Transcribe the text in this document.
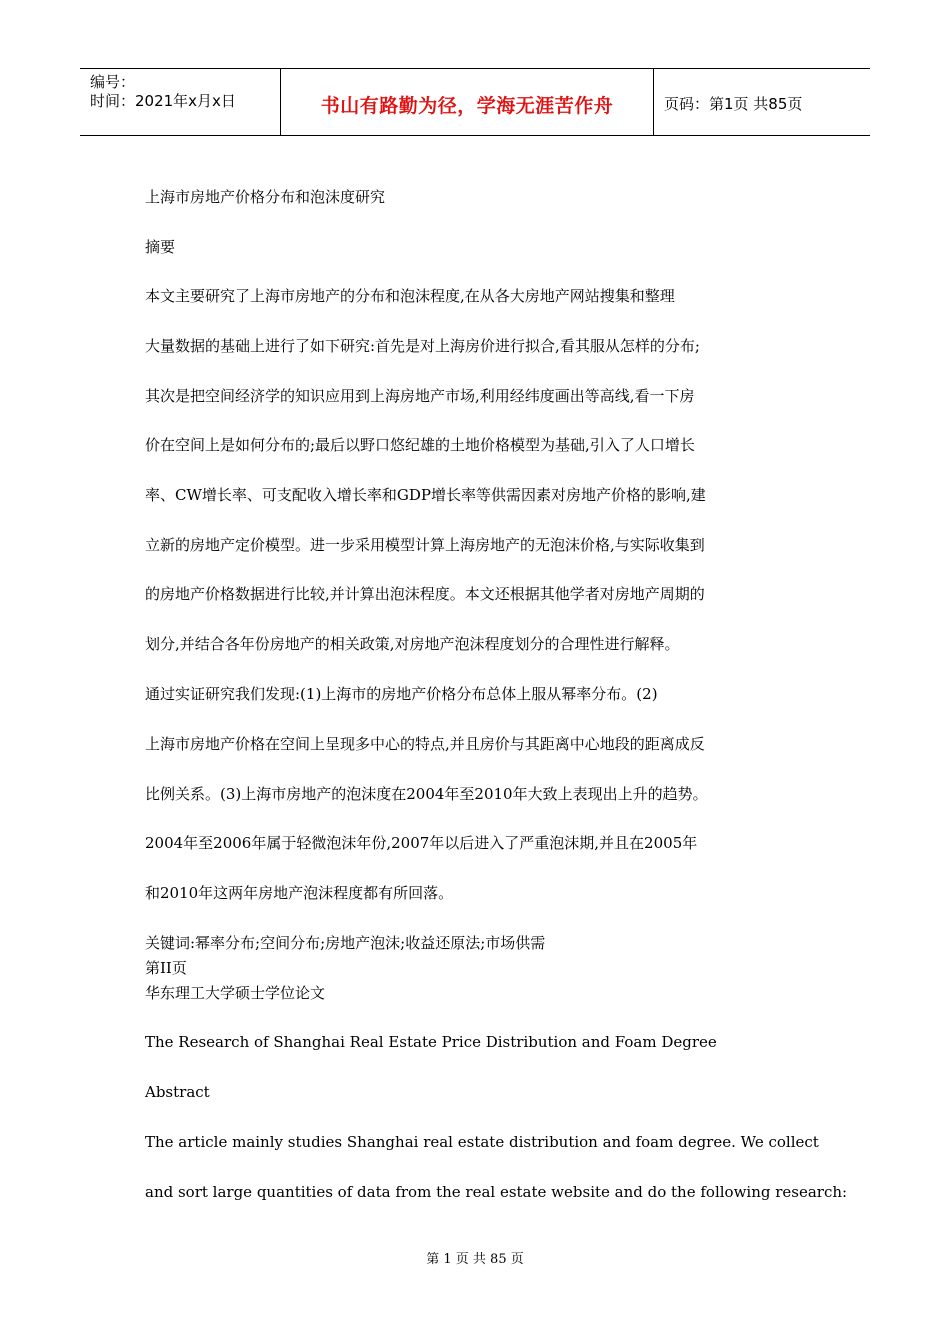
编号：
时间：2021年x月x日	书山有路勤为径，学海无涯苦作舟	页码：第1页 共85页
上海市房地产价格分布和泡沫度研究
摘要
本文主要研究了上海市房地产的分布和泡沫程度,在从各大房地产网站搜集和整理
大量数据的基础上进行了如下研究:首先是对上海房价进行拟合,看其服从怎样的分布;
其次是把空间经济学的知识应用到上海房地产市场,利用经纬度画出等高线,看一下房
价在空间上是如何分布的;最后以野口悠纪雄的土地价格模型为基础,引入了人口增长
率、CW增长率、可支配收入增长率和GDP增长率等供需因素对房地产价格的影响,建
立新的房地产定价模型。进一步采用模型计算上海房地产的无泡沫价格,与实际收集到
的房地产价格数据进行比较,并计算出泡沫程度。本文还根据其他学者对房地产周期的
划分,并结合各年份房地产的相关政策,对房地产泡沫程度划分的合理性进行解释。
通过实证研究我们发现:(1)上海市的房地产价格分布总体上服从幂率分布。(2)
上海市房地产价格在空间上呈现多中心的特点,并且房价与其距离中心地段的距离成反
比例关系。(3)上海市房地产的泡沫度在2004年至2010年大致上表现出上升的趋势。
2004年至2006年属于轻微泡沫年份,2007年以后进入了严重泡沫期,并且在2005年
和2010年这两年房地产泡沫程度都有所回落。
关键词:幂率分布;空间分布;房地产泡沫;收益还原法;市场供需
第II页
华东理工大学硕士学位论文
The Research of Shanghai Real Estate Price Distribution and Foam Degree
Abstract
The article mainly studies Shanghai real estate distribution and foam degree. We collect
and sort large quantities of data from the real estate website and do the following research:
第 1 页 共 85 页
